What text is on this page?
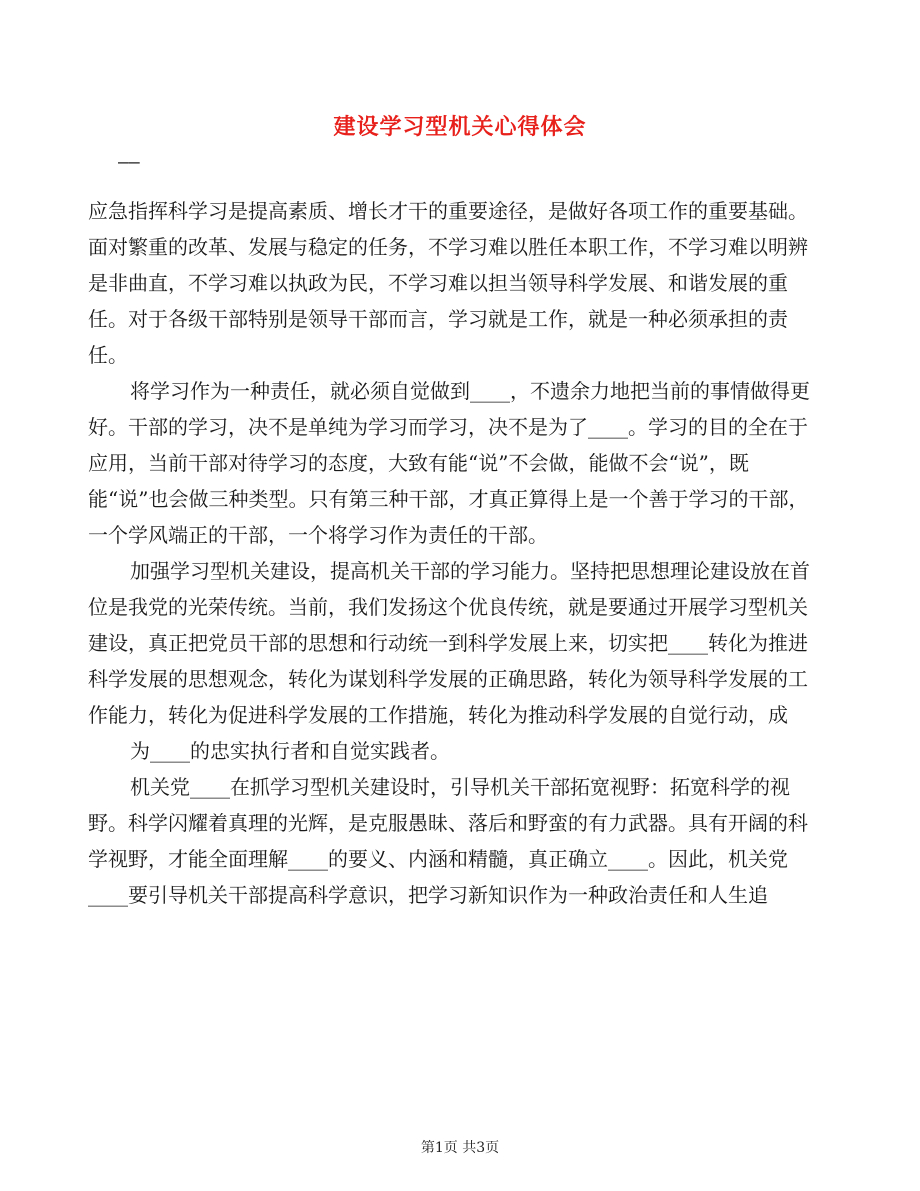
建设学习型机关心得体会
——

应急指挥科学习是提高素质、增长才干的重要途径，是做好各项工作的重要基础。面对繁重的改革、发展与稳定的任务，不学习难以胜任本职工作，不学习难以明辨是非曲直，不学习难以执政为民，不学习难以担当领导科学发展、和谐发展的重任。对于各级干部特别是领导干部而言，学习就是工作，就是一种必须承担的责任。

将学习作为一种责任，就必须自觉做到____，不遗余力地把当前的事情做得更好。干部的学习，决不是单纯为学习而学习，决不是为了____。学习的目的全在于应用，当前干部对待学习的态度，大致有能“说”不会做，能做不会“说”，既能“说”也会做三种类型。只有第三种干部，才真正算得上是一个善于学习的干部，一个学风端正的干部，一个将学习作为责任的干部。

加强学习型机关建设，提高机关干部的学习能力。坚持把思想理论建设放在首位是我党的光荣传统。当前，我们发扬这个优良传统，就是要通过开展学习型机关建设，真正把党员干部的思想和行动统一到科学发展上来，切实把____转化为推进科学发展的思想观念，转化为谋划科学发展的正确思路，转化为领导科学发展的工作能力，转化为促进科学发展的工作措施，转化为推动科学发展的自觉行动，成

为____的忠实执行者和自觉实践者。

机关党____在抓学习型机关建设时，引导机关干部拓宽视野：拓宽科学的视野。科学闪耀着真理的光辉，是克服愚昧、落后和野蛮的有力武器。具有开阔的科学视野，才能全面理解____的要义、内涵和精髓，真正确立____。因此，机关党____要引导机关干部提高科学意识，把学习新知识作为一种政治责任和人生追

第1页 共3页
